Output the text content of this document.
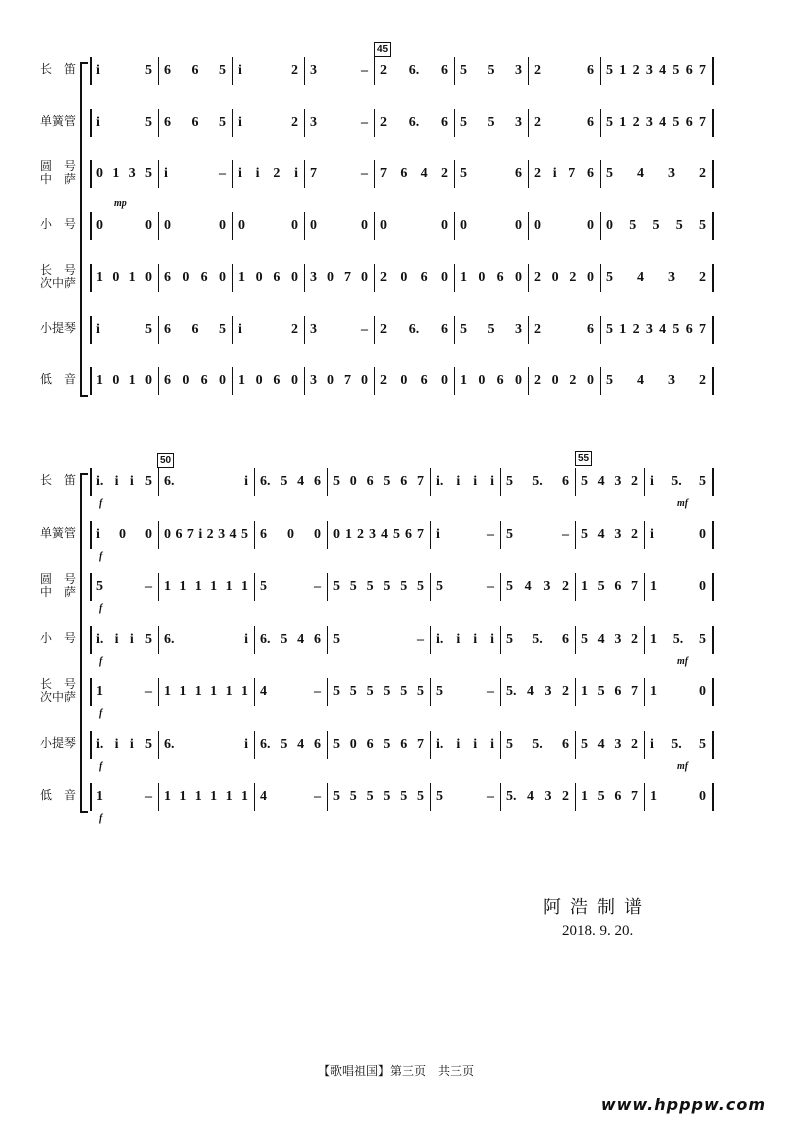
45
长　笛 i	5 6 6 5 i	2 3	– 2 6. 6 5 5 3 2	6 5 1 2 3 4 5 6 7
单簧管 i	5 6 6 5 i	2 3	– 2 6. 6 5 5 3 2	6 5 1 2 3 4 5 6 7
圆　号
中　萨 0 1 3 5 i	– i i 2 i 7	– 7 6 4 2 5	6 2 i 7 6 5 4 3 2
mp
小　号 0	0 0	0 0	0 0	0 0	0 0	0 0	0 0 5 5 5 5
长　号
次中萨 1 0 1 0 6 0 6 0 1 0 6 0 3 0 7 0 2 0 6 0 1 0 6 0 2 0 2 0 5 4 3 2
小提琴 i	5 6 6 5 i	2 3	– 2 6. 6 5 5 3 2	6 5 1 2 3 4 5 6 7
低　音 1 0 1 0 6 0 6 0 1 0 6 0 3 0 7 0 2 0 6 0 1 0 6 0 2 0 2 0 5 4 3 2
50	55
长　笛 i. i i 5 6.	i 6. 5 4 6 5 0 6 5 6 7 i. i i i 5 5. 6 5 4 3 2 i 5. 5
f	mf
单簧管 i 0 0 0 6 7 i 2 3 4 5 6 0 0 0 1 2 3 4 5 6 7 i	– 5	– 5 4 3 2 i	0
f
圆　号
中　萨 5	– 1 1 1 1 1 1 5	– 5 5 5 5 5 5 5	– 5 4 3 2 1 5 6 7 1	0
f
小　号 i. i i 5 6.	i 6. 5 4 6 5	– i. i i i 5 5. 6 5 4 3 2 1 5. 5
f	mf
长　号
次中萨 1	– 1 1 1 1 1 1 4	– 5 5 5 5 5 5 5	– 5. 4 3 2 1 5 6 7 1	0
f
小提琴 i. i i 5 6.	i 6. 5 4 6 5 0 6 5 6 7 i. i i i 5 5. 6 5 4 3 2 i 5. 5
f	mf
低　音 1	– 1 1 1 1 1 1 4	– 5 5 5 5 5 5 5	– 5. 4 3 2 1 5 6 7 1	0
f
阿浩制谱
2018. 9. 20.
【歌唱祖国】第三页　共三页
www.hpppw.com
